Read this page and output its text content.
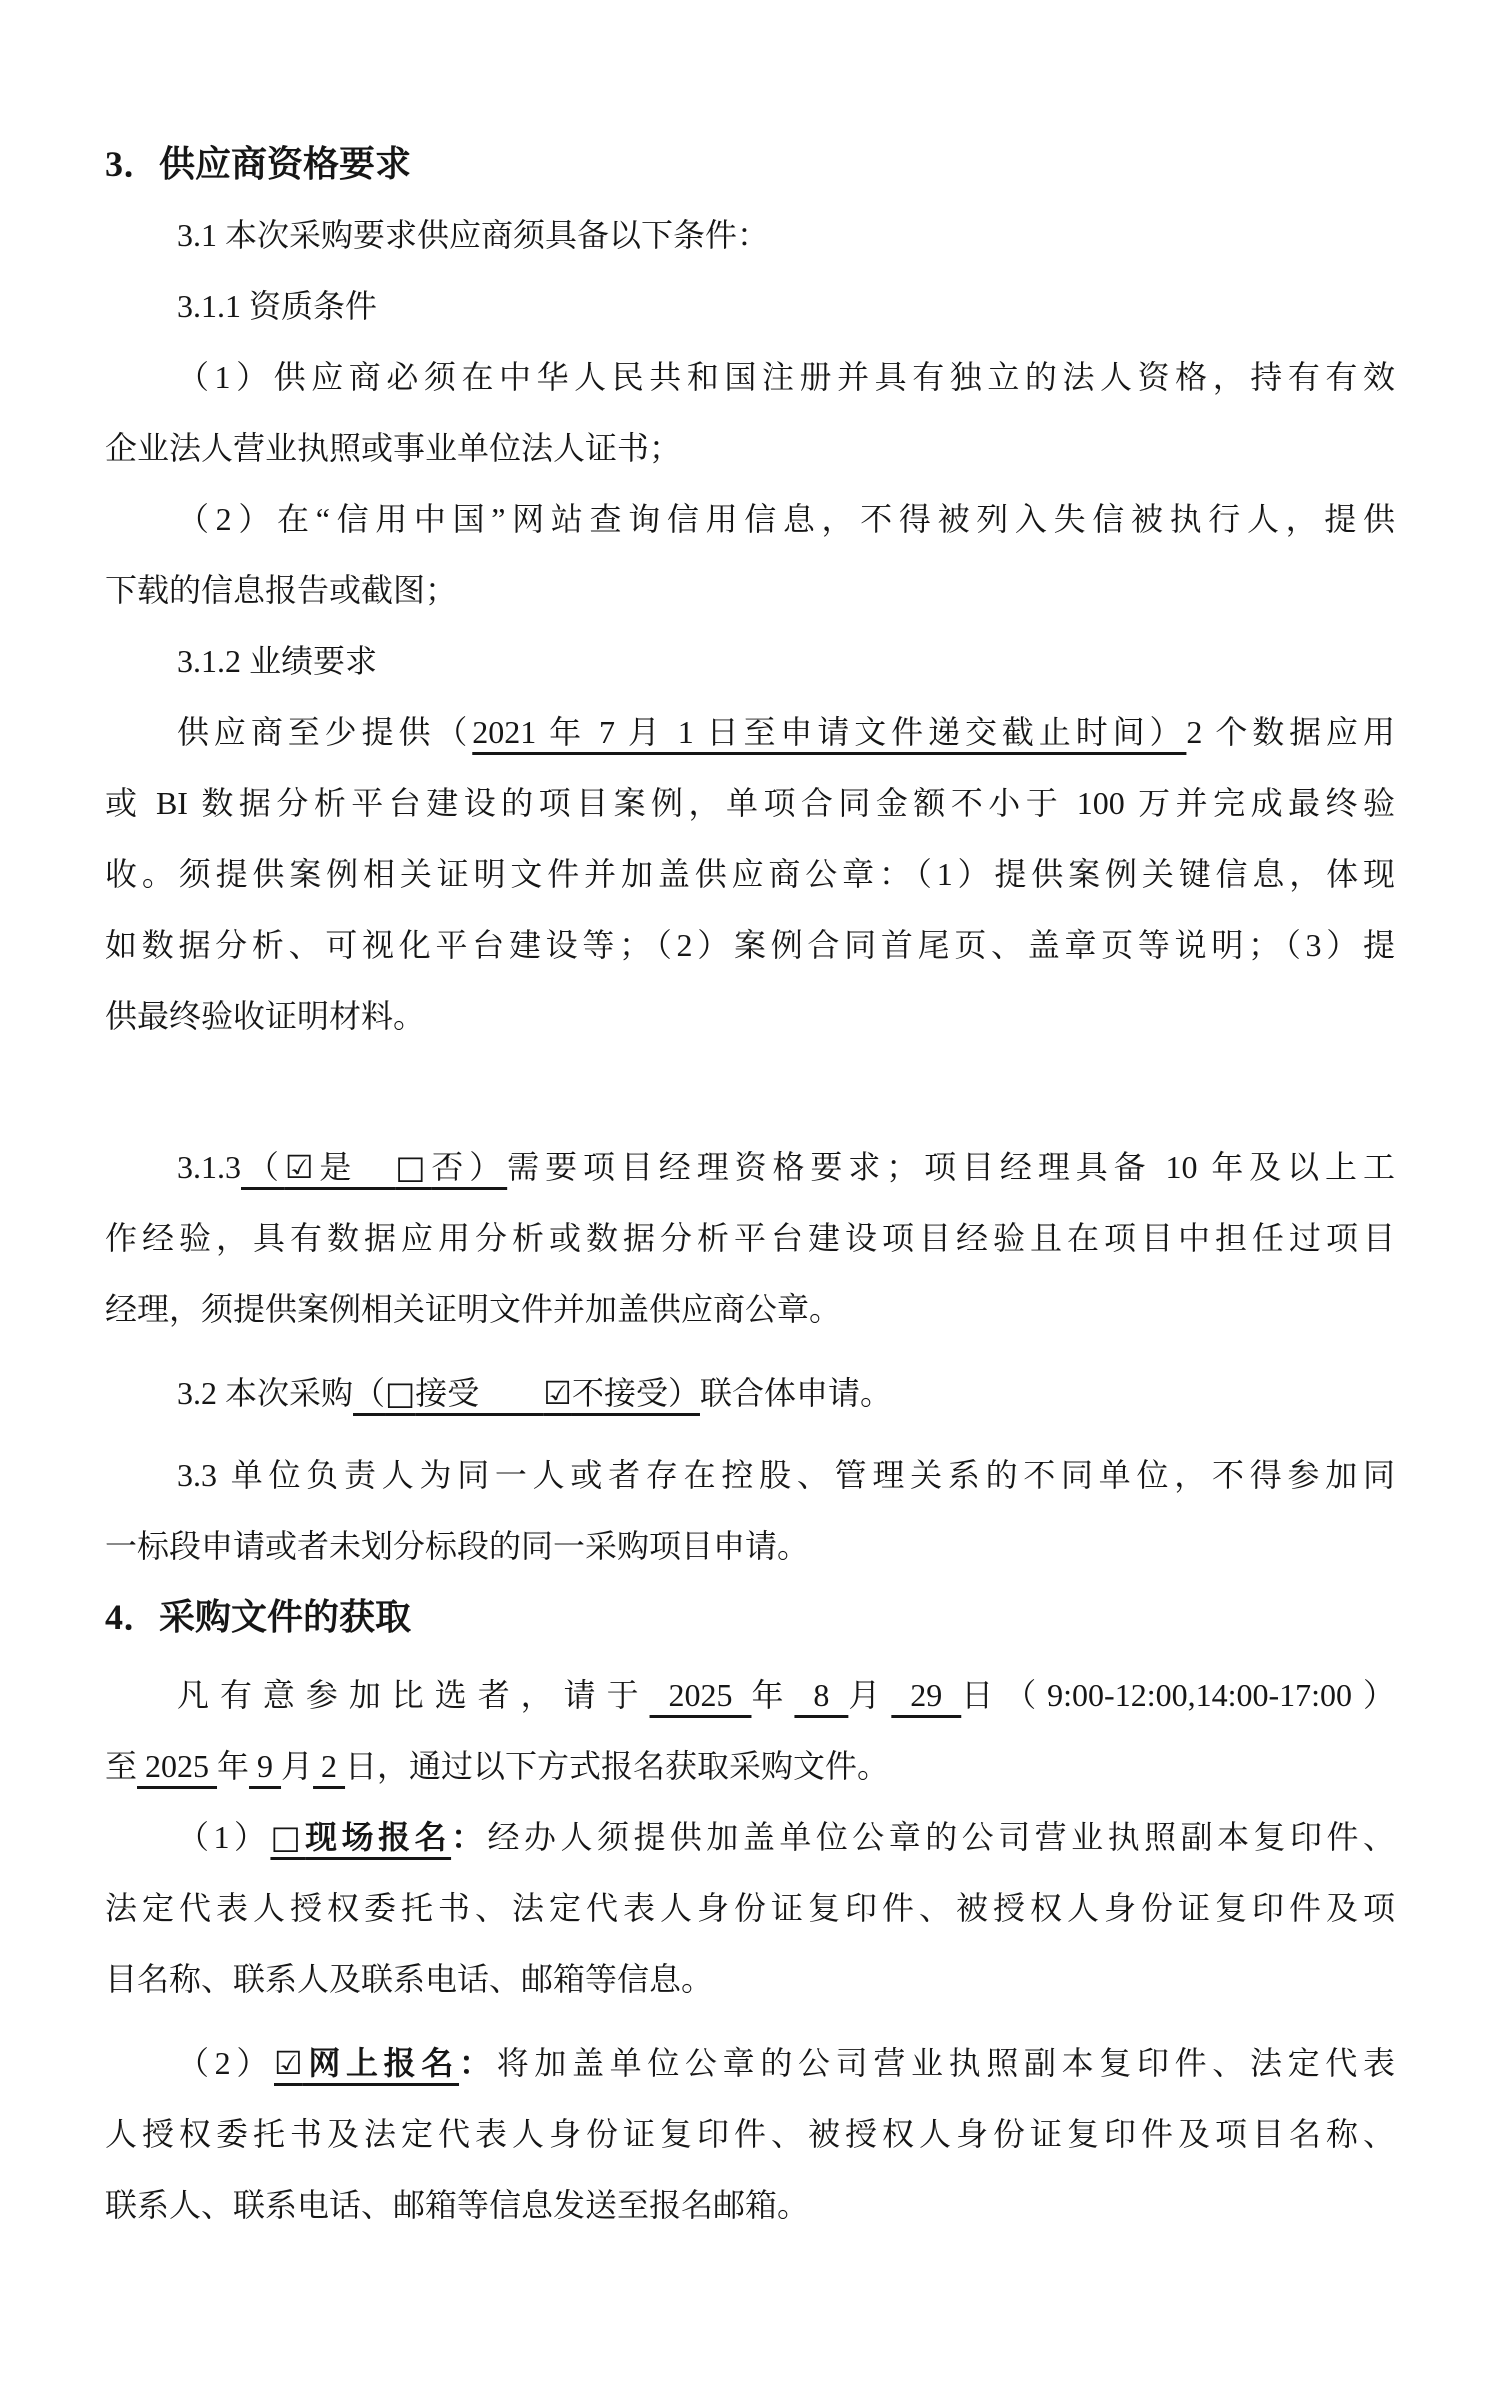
3．供应商资格要求
3.1 本次采购要求供应商须具备以下条件：
3.1.1 资质条件
（1）供应商必须在中华人民共和国注册并具有独立的法人资格，持有有效
企业法人营业执照或事业单位法人证书；
（2）在“信用中国”网站查询信用信息，不得被列入失信被执行人，提供
下载的信息报告或截图；
3.1.2 业绩要求
供应商至少提供（2021 年 7 月 1 日至申请文件递交截止时间）2 个数据应用
或 BI 数据分析平台建设的项目案例，单项合同金额不小于 100 万并完成最终验
收。须提供案例相关证明文件并加盖供应商公章：（1）提供案例关键信息，体现
如数据分析、可视化平台建设等；（2）案例合同首尾页、盖章页等说明；（3）提
供最终验收证明材料。
3.1.3（☑是　□否）需要项目经理资格要求；项目经理具备 10 年及以上工
作经验，具有数据应用分析或数据分析平台建设项目经验且在项目中担任过项目
经理，须提供案例相关证明文件并加盖供应商公章。
3.2 本次采购（□接受　　☑不接受）联合体申请。
3.3 单位负责人为同一人或者存在控股、管理关系的不同单位，不得参加同
一标段申请或者未划分标段的同一采购项目申请。
4．采购文件的获取
凡有意参加比选者，请于 2025 年 8 月 29 日（9:00-12:00,14:00-17:00）
至 2025 年 9 月 2 日，通过以下方式报名获取采购文件。
（1）□现场报名：经办人须提供加盖单位公章的公司营业执照副本复印件、
法定代表人授权委托书、法定代表人身份证复印件、被授权人身份证复印件及项
目名称、联系人及联系电话、邮箱等信息。
（2）☑网上报名：将加盖单位公章的公司营业执照副本复印件、法定代表
人授权委托书及法定代表人身份证复印件、被授权人身份证复印件及项目名称、
联系人、联系电话、邮箱等信息发送至报名邮箱。
